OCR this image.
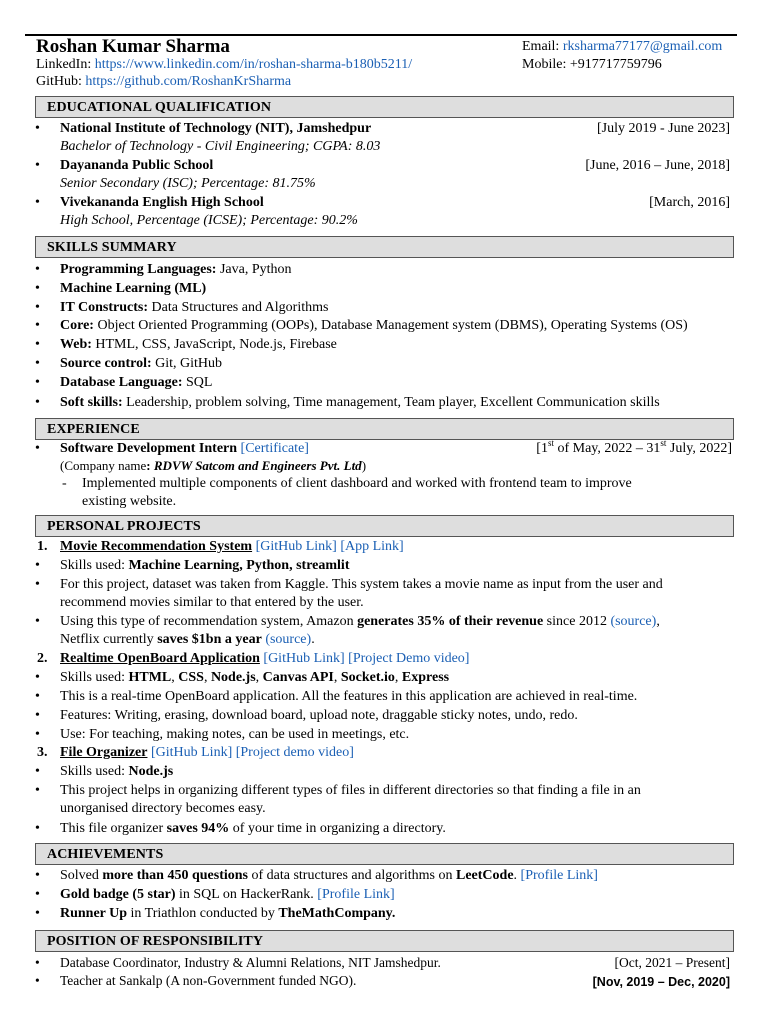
Roshan Kumar Sharma	Email: rksharma77177@gmail.com
LinkedIn: https://www.linkedin.com/in/roshan-sharma-b180b5211/	Mobile: +917717759796
GitHub: https://github.com/RoshanKrSharma
EDUCATIONAL QUALIFICATION
• National Institute of Technology (NIT), Jamshedpur	[July 2019 - June 2023]
Bachelor of Technology - Civil Engineering; CGPA: 8.03
• Dayananda Public School	[June, 2016 – June, 2018]
Senior Secondary (ISC); Percentage: 81.75%
• Vivekananda English High School	[March, 2016]
High School, Percentage (ICSE); Percentage: 90.2%
SKILLS SUMMARY
• Programming Languages: Java, Python
• Machine Learning (ML)
• IT Constructs: Data Structures and Algorithms
• Core: Object Oriented Programming (OOPs), Database Management system (DBMS), Operating Systems (OS)
• Web: HTML, CSS, JavaScript, Node.js, Firebase
• Source control: Git, GitHub
• Database Language: SQL
• Soft skills: Leadership, problem solving, Time management, Team player, Excellent Communication skills
EXPERIENCE
• Software Development Intern [Certificate]	[1st of May, 2022 – 31st July, 2022]
(Company name: RDVW Satcom and Engineers Pvt. Ltd)
- Implemented multiple components of client dashboard and worked with frontend team to improve
existing website.
PERSONAL PROJECTS
1. Movie Recommendation System [GitHub Link] [App Link]
• Skills used: Machine Learning, Python, streamlit
• For this project, dataset was taken from Kaggle. This system takes a movie name as input from the user and
recommend movies similar to that entered by the user.
• Using this type of recommendation system, Amazon generates 35% of their revenue since 2012 (source),
Netflix currently saves $1bn a year (source).
2. Realtime OpenBoard Application [GitHub Link] [Project Demo video]
• Skills used: HTML, CSS, Node.js, Canvas API, Socket.io, Express
• This is a real-time OpenBoard application. All the features in this application are achieved in real-time.
• Features: Writing, erasing, download board, upload note, draggable sticky notes, undo, redo.
• Use: For teaching, making notes, can be used in meetings, etc.
3. File Organizer [GitHub Link] [Project demo video]
• Skills used: Node.js
• This project helps in organizing different types of files in different directories so that finding a file in an
unorganised directory becomes easy.
• This file organizer saves 94% of your time in organizing a directory.
ACHIEVEMENTS
• Solved more than 450 questions of data structures and algorithms on LeetCode. [Profile Link]
• Gold badge (5 star) in SQL on HackerRank. [Profile Link]
• Runner Up in Triathlon conducted by TheMathCompany.
POSITION OF RESPONSIBILITY
• Database Coordinator, Industry & Alumni Relations, NIT Jamshedpur.	[Oct, 2021 – Present]
• Teacher at Sankalp (A non-Government funded NGO).	[Nov, 2019 – Dec, 2020]
